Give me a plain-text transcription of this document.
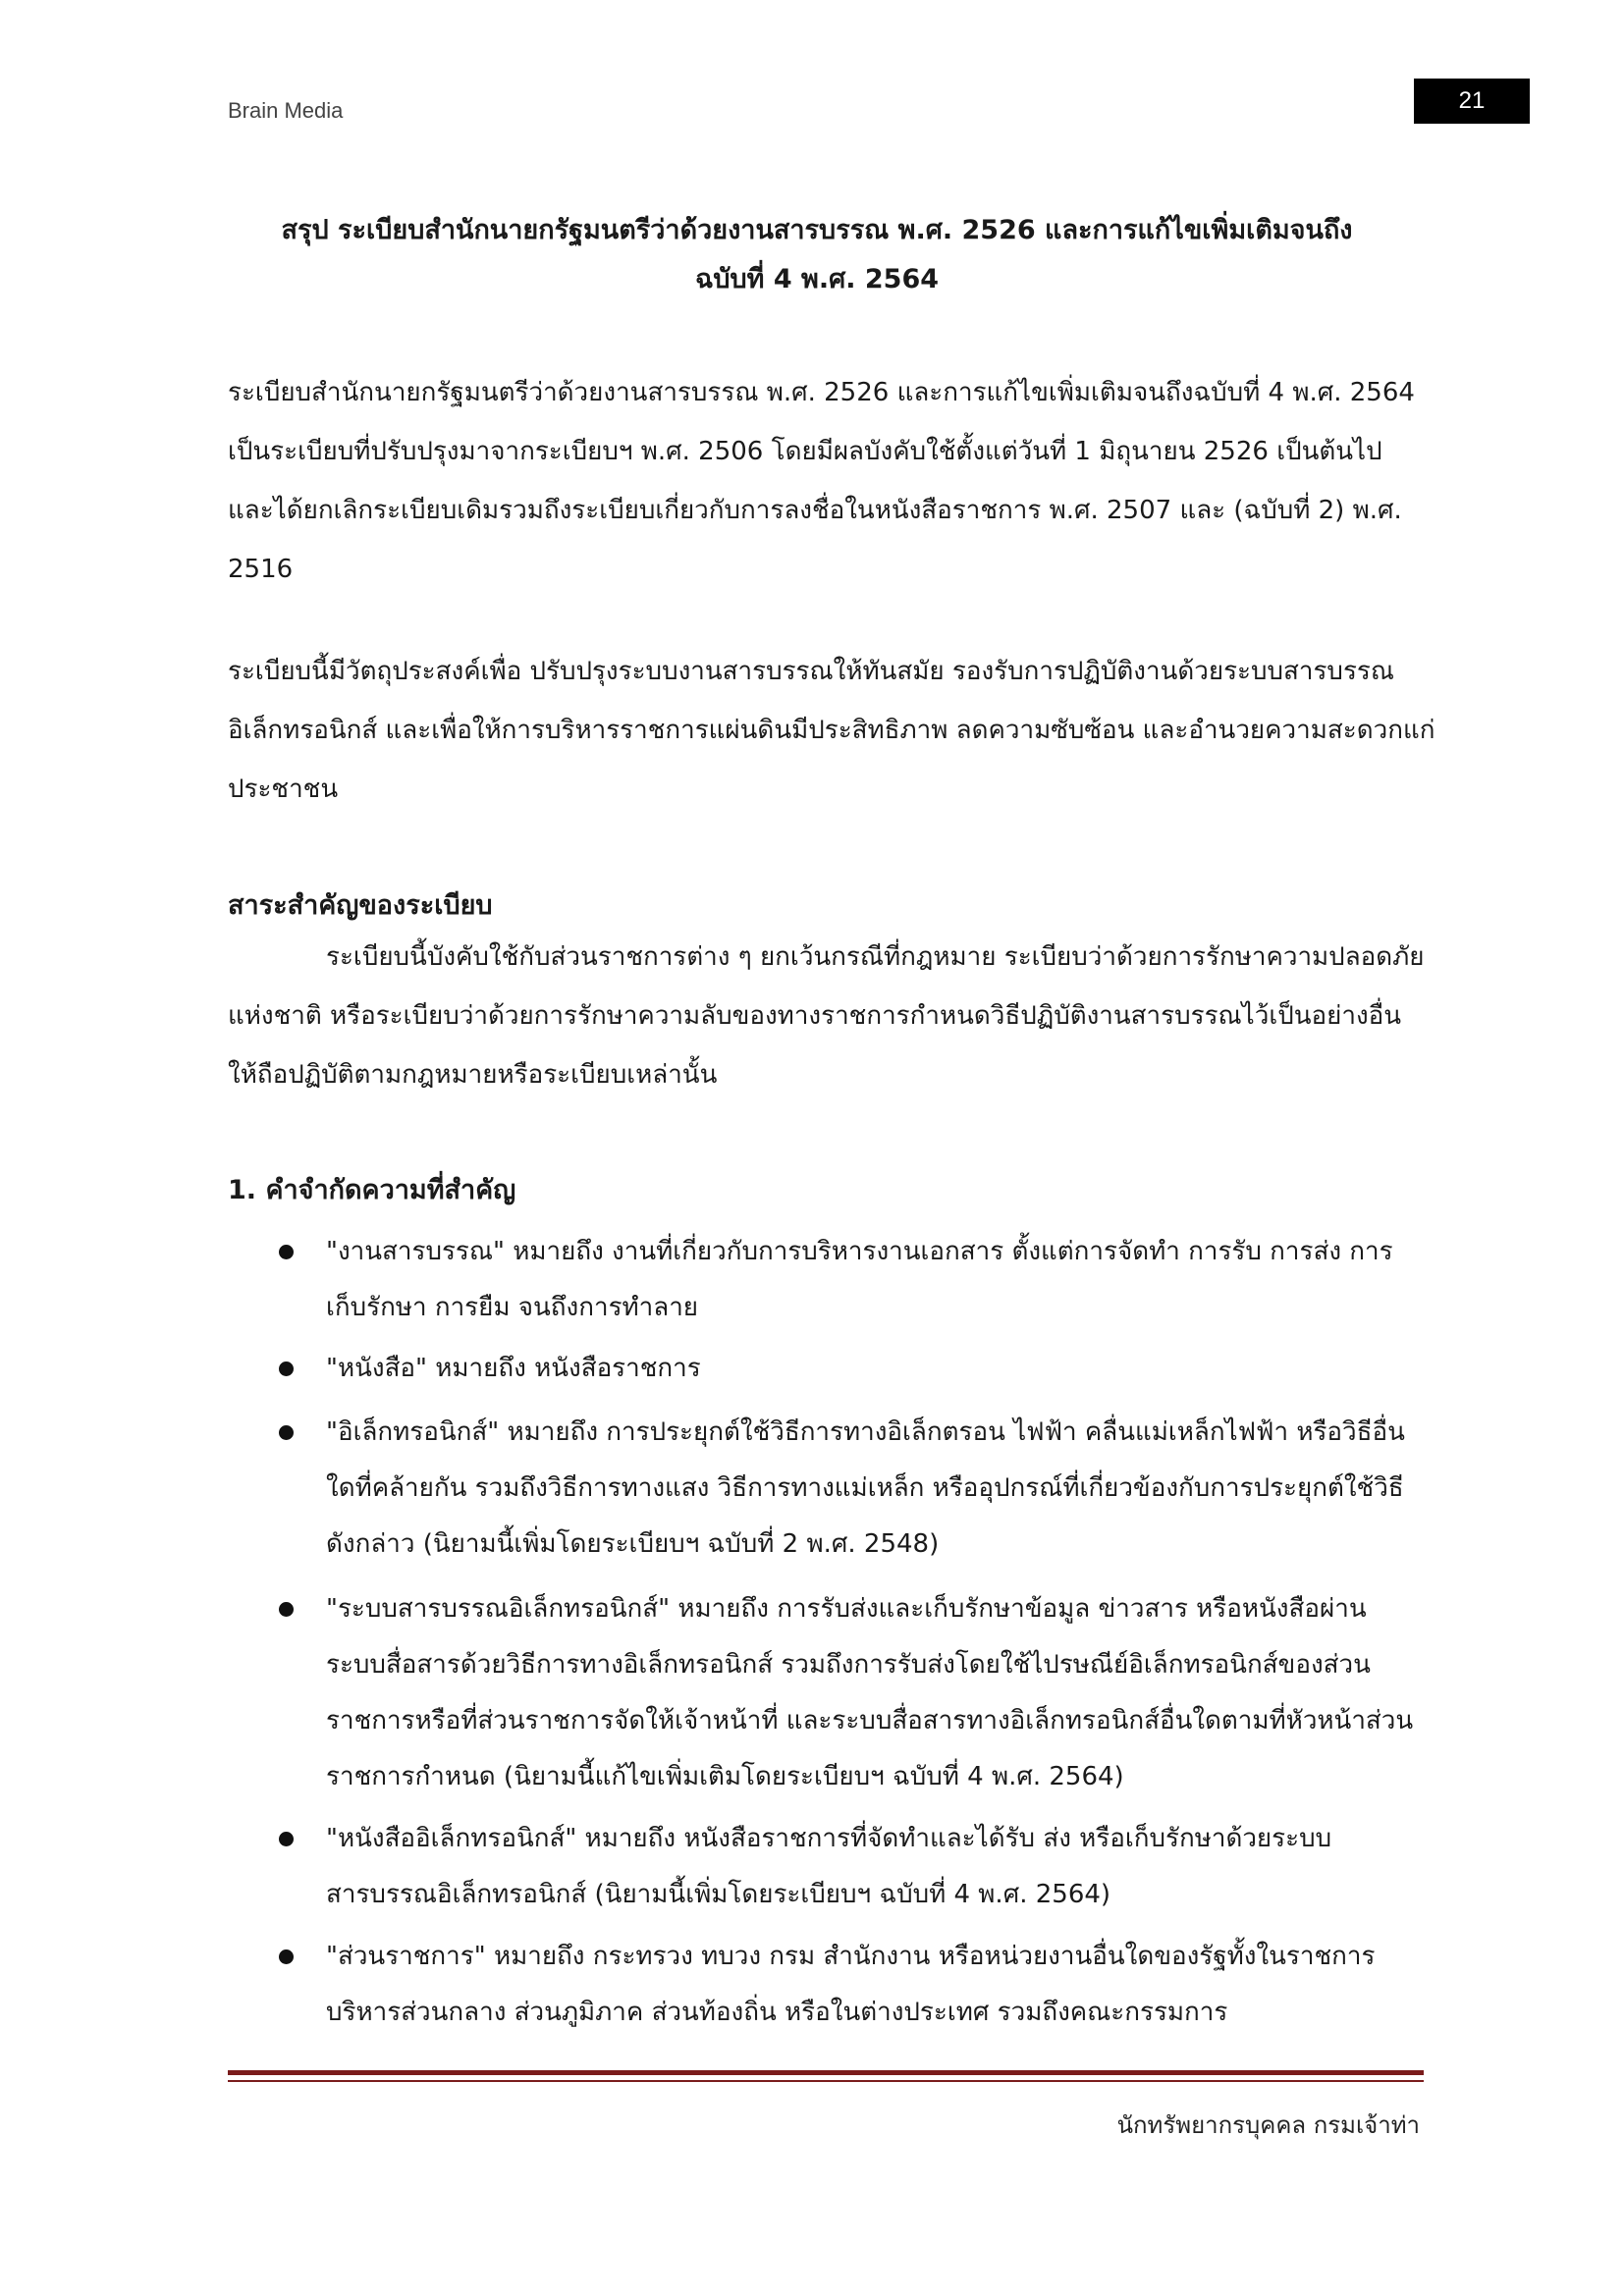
Brain Media	21
สรุป ระเบียบสำนักนายกรัฐมนตรีว่าด้วยงานสารบรรณ พ.ศ. 2526 และการแก้ไขเพิ่มเติมจนถึง
ฉบับที่ 4 พ.ศ. 2564

ระเบียบสำนักนายกรัฐมนตรีว่าด้วยงานสารบรรณ พ.ศ. 2526 และการแก้ไขเพิ่มเติมจนถึงฉบับที่ 4 พ.ศ. 2564 เป็นระเบียบที่ปรับปรุงมาจากระเบียบฯ พ.ศ. 2506 โดยมีผลบังคับใช้ตั้งแต่วันที่ 1 มิถุนายน 2526 เป็นต้นไป และได้ยกเลิกระเบียบเดิมรวมถึงระเบียบเกี่ยวกับการลงชื่อในหนังสือราชการ พ.ศ. 2507 และ (ฉบับที่ 2) พ.ศ. 2516

ระเบียบนี้มีวัตถุประสงค์เพื่อ ปรับปรุงระบบงานสารบรรณให้ทันสมัย รองรับการปฏิบัติงานด้วยระบบสารบรรณอิเล็กทรอนิกส์ และเพื่อให้การบริหารราชการแผ่นดินมีประสิทธิภาพ ลดความซับซ้อน และอำนวยความสะดวกแก่ประชาชน

สาระสำคัญของระเบียบ

ระเบียบนี้บังคับใช้กับส่วนราชการต่าง ๆ ยกเว้นกรณีที่กฎหมาย ระเบียบว่าด้วยการรักษาความปลอดภัยแห่งชาติ หรือระเบียบว่าด้วยการรักษาความลับของทางราชการกำหนดวิธีปฏิบัติงานสารบรรณไว้เป็นอย่างอื่น ให้ถือปฏิบัติตามกฎหมายหรือระเบียบเหล่านั้น

1. คำจำกัดความที่สำคัญ

"งานสารบรรณ" หมายถึง งานที่เกี่ยวกับการบริหารงานเอกสาร ตั้งแต่การจัดทำ การรับ การส่ง การเก็บรักษา การยืม จนถึงการทำลาย

"หนังสือ" หมายถึง หนังสือราชการ

"อิเล็กทรอนิกส์" หมายถึง การประยุกต์ใช้วิธีการทางอิเล็กตรอน ไฟฟ้า คลื่นแม่เหล็กไฟฟ้า หรือวิธีอื่นใดที่คล้ายกัน รวมถึงวิธีการทางแสง วิธีการทางแม่เหล็ก หรืออุปกรณ์ที่เกี่ยวข้องกับการประยุกต์ใช้วิธีดังกล่าว (นิยามนี้เพิ่มโดยระเบียบฯ ฉบับที่ 2 พ.ศ. 2548)

"ระบบสารบรรณอิเล็กทรอนิกส์" หมายถึง การรับส่งและเก็บรักษาข้อมูล ข่าวสาร หรือหนังสือผ่านระบบสื่อสารด้วยวิธีการทางอิเล็กทรอนิกส์ รวมถึงการรับส่งโดยใช้ไปรษณีย์อิเล็กทรอนิกส์ของส่วนราชการหรือที่ส่วนราชการจัดให้เจ้าหน้าที่ และระบบสื่อสารทางอิเล็กทรอนิกส์อื่นใดตามที่หัวหน้าส่วนราชการกำหนด (นิยามนี้แก้ไขเพิ่มเติมโดยระเบียบฯ ฉบับที่ 4 พ.ศ. 2564)

"หนังสืออิเล็กทรอนิกส์" หมายถึง หนังสือราชการที่จัดทำและได้รับ ส่ง หรือเก็บรักษาด้วยระบบสารบรรณอิเล็กทรอนิกส์ (นิยามนี้เพิ่มโดยระเบียบฯ ฉบับที่ 4 พ.ศ. 2564)

"ส่วนราชการ" หมายถึง กระทรวง ทบวง กรม สำนักงาน หรือหน่วยงานอื่นใดของรัฐทั้งในราชการบริหารส่วนกลาง ส่วนภูมิภาค ส่วนท้องถิ่น หรือในต่างประเทศ รวมถึงคณะกรรมการ

นักทรัพยากรบุคคล กรมเจ้าท่า
